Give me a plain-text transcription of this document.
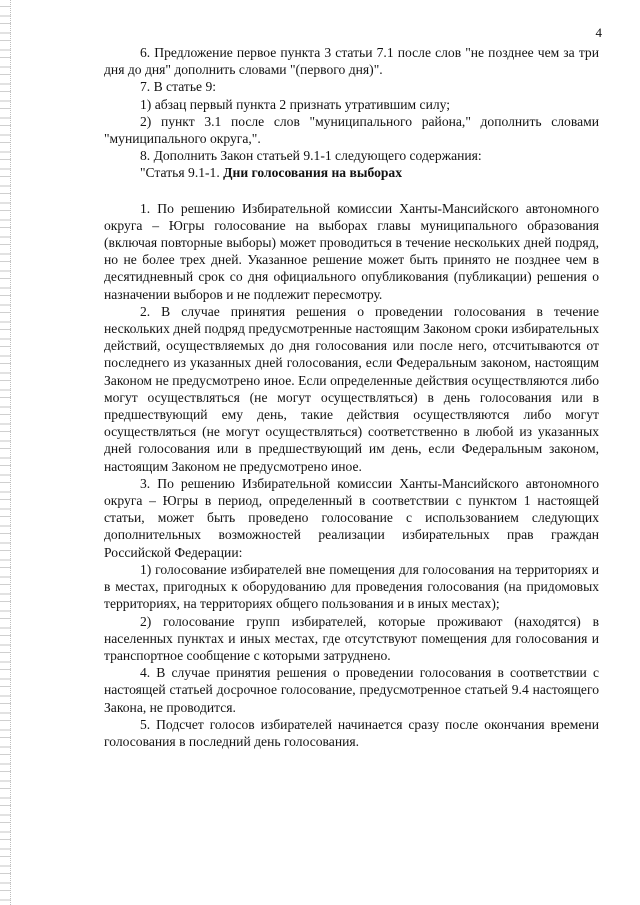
4

6. Предложение первое пункта 3 статьи 7.1 после слов "не позднее чем за три дня до дня" дополнить словами "(первого дня)".

7. В статье 9:

1) абзац первый пункта 2 признать утратившим силу;

2) пункт 3.1 после слов "муниципального района," дополнить словами "муниципального округа,".

8. Дополнить Закон статьей 9.1-1 следующего содержания:

"Статья 9.1-1. Дни голосования на выборах

1. По решению Избирательной комиссии Ханты-Мансийского автономного округа – Югры голосование на выборах главы муниципального образования (включая повторные выборы) может проводиться в течение нескольких дней подряд, но не более трех дней. Указанное решение может быть принято не позднее чем в десятидневный срок со дня официального опубликования (публикации) решения о назначении выборов и не подлежит пересмотру.

2. В случае принятия решения о проведении голосования в течение нескольких дней подряд предусмотренные настоящим Законом сроки избирательных действий, осуществляемых до дня голосования или после него, отсчитываются от последнего из указанных дней голосования, если Федеральным законом, настоящим Законом не предусмотрено иное. Если определенные действия осуществляются либо могут осуществляться (не могут осуществляться) в день голосования или в предшествующий ему день, такие действия осуществляются либо могут осуществляться (не могут осуществляться) соответственно в любой из указанных дней голосования или в предшествующий им день, если Федеральным законом, настоящим Законом не предусмотрено иное.

3. По решению Избирательной комиссии Ханты-Мансийского автономного округа – Югры в период, определенный в соответствии с пунктом 1 настоящей статьи, может быть проведено голосование с использованием следующих дополнительных возможностей реализации избирательных прав граждан Российской Федерации:

1) голосование избирателей вне помещения для голосования на территориях и в местах, пригодных к оборудованию для проведения голосования (на придомовых территориях, на территориях общего пользования и в иных местах);

2) голосование групп избирателей, которые проживают (находятся) в населенных пунктах и иных местах, где отсутствуют помещения для голосования и транспортное сообщение с которыми затруднено.

4. В случае принятия решения о проведении голосования в соответствии с настоящей статьей досрочное голосование, предусмотренное статьей 9.4 настоящего Закона, не проводится.

5. Подсчет голосов избирателей начинается сразу после окончания времени голосования в последний день голосования.
